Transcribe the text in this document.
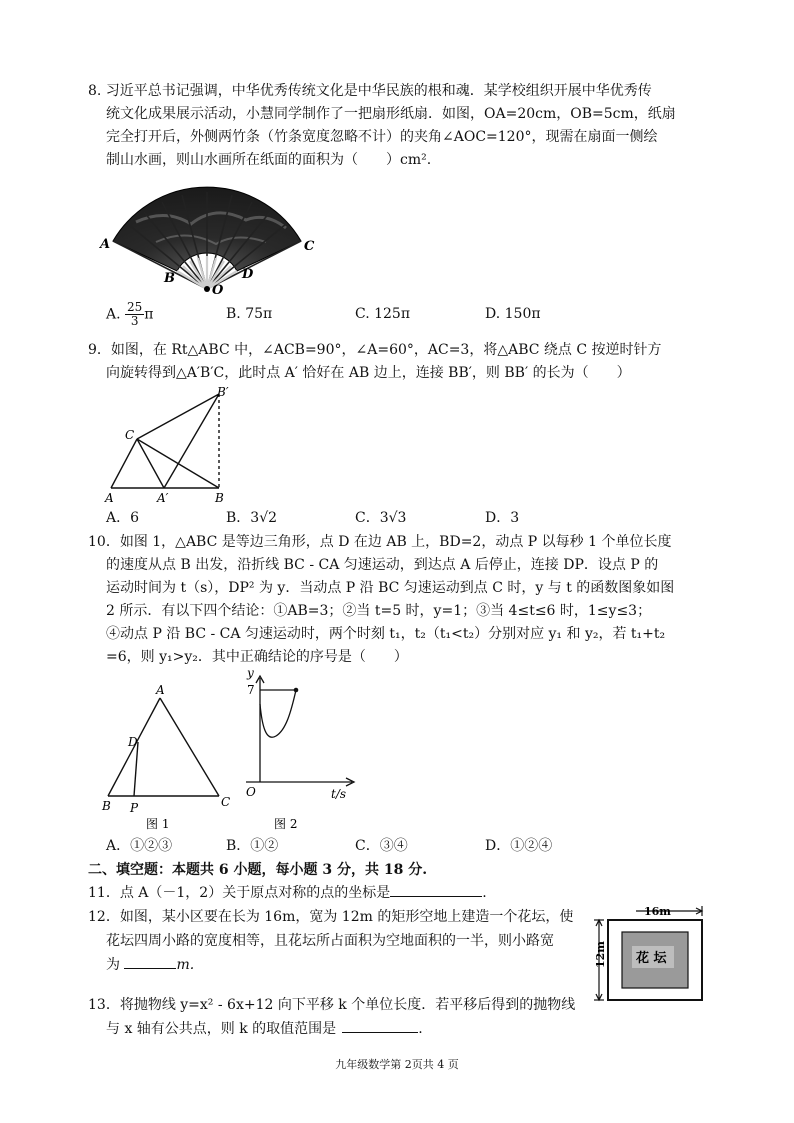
8. 习近平总书记强调，中华优秀传统文化是中华民族的根和魂．某学校组织开展中华优秀传
统文化成果展示活动，小慧同学制作了一把扇形纸扇．如图，OA=20cm，OB=5cm，纸扇
完全打开后，外侧两竹条（竹条宽度忽略不计）的夹角∠AOC=120°，现需在扇面一侧绘
制山水画，则山水画所在纸面的面积为（　　）cm².
A
B
O
D
C
A. $\frac{25}{3}$ π	B. 75π	C. 125π	D. 150π
9．如图，在 Rt△ABC 中，∠ACB=90°，∠A=60°，AC=3，将△ABC 绕点 C 按逆时针方
向旋转得到△A′B′C，此时点 A′ 恰好在 AB 边上，连接 BB′，则 BB′ 的长为（　　）
B′
C
A	A′	B
A．6	B．3√2	C．3√3	D．3
10．如图 1，△ABC 是等边三角形，点 D 在边 AB 上，BD=2，动点 P 以每秒 1 个单位长度
的速度从点 B 出发，沿折线 BC - CA 匀速运动，到达点 A 后停止，连接 DP．设点 P 的
运动时间为 t（s），DP² 为 y．当动点 P 沿 BC 匀速运动到点 C 时，y 与 t 的函数图象如图
2 所示．有以下四个结论：①AB=3；②当 t=5 时，y=1；③当 4≤t≤6 时，1≤y≤3；
④动点 P 沿 BC - CA 匀速运动时，两个时刻 t₁，t₂（t₁<t₂）分别对应 y₁ 和 y₂，若 t₁+t₂
=6，则 y₁>y₂．其中正确结论的序号是（　　）
A
D
B P	C
图 1
y
7
O	t/s
图 2
A．①②③	B．①②	C．③④	D．①②④
二、填空题：本题共 6 小题，每小题 3 分，共 18 分.
11．点 A（－1，2）关于原点对称的点的坐标是	.
12．如图，某小区要在长为 16m，宽为 12m 的矩形空地上建造一个花坛，使
花坛四周小路的宽度相等，且花坛所占面积为空地面积的一半，则小路宽
为	m.
16m
12m 花 坛
13．将抛物线 y=x² - 6x+12 向下平移 k 个单位长度．若平移后得到的抛物线
与 x 轴有公共点，则 k 的取值范围是	.
九年级数学第 2页共 4 页
